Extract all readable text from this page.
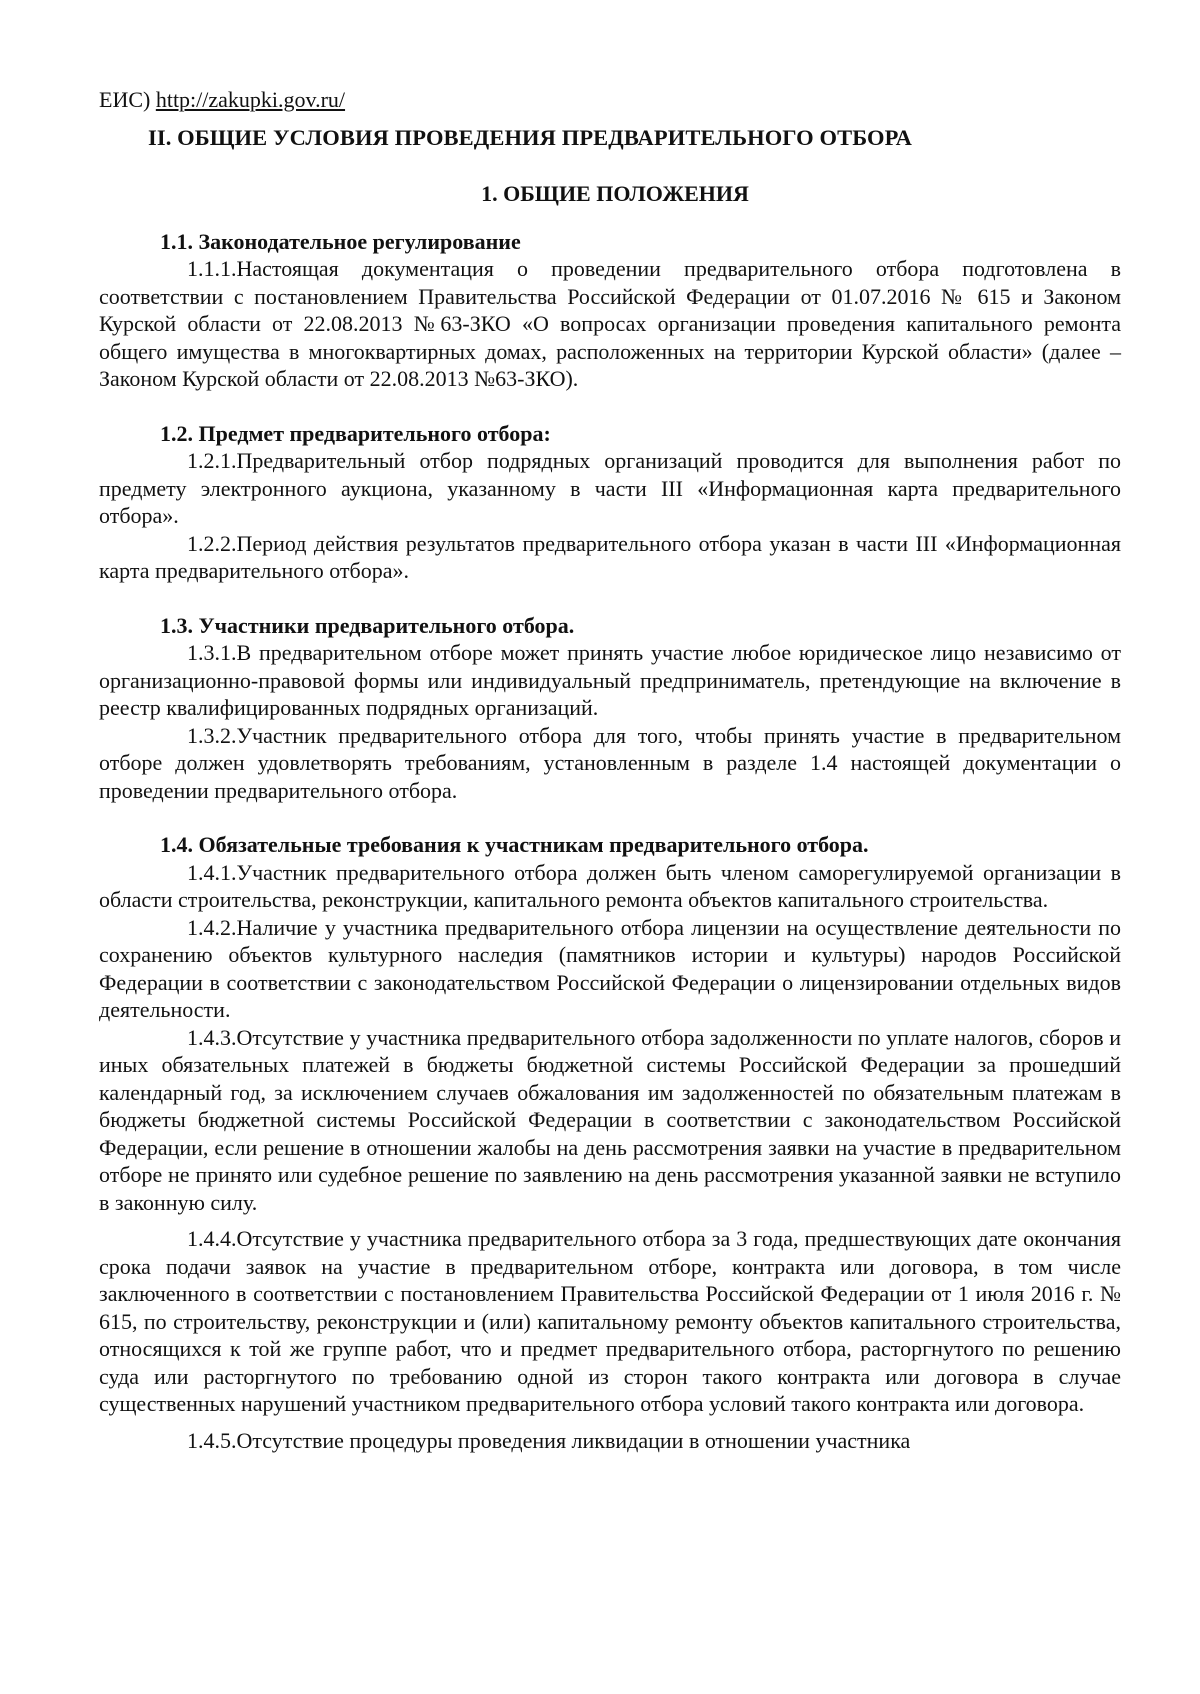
ЕИС) http://zakupki.gov.ru/

II. ОБЩИЕ УСЛОВИЯ ПРОВЕДЕНИЯ ПРЕДВАРИТЕЛЬНОГО ОТБОРА
1. ОБЩИЕ ПОЛОЖЕНИЯ
1.1. Законодательное регулирование

1.1.1.Настоящая документация о проведении предварительного отбора подготовлена в соответствии с постановлением Правительства Российской Федерации от 01.07.2016 № 615 и Законом Курской области от 22.08.2013 №63-ЗКО «О вопросах организации проведения капитального ремонта общего имущества в многоквартирных домах, расположенных на территории Курской области» (далее – Законом Курской области от 22.08.2013 №63-ЗКО).

1.2. Предмет предварительного отбора:

1.2.1.Предварительный отбор подрядных организаций проводится для выполнения работ по предмету электронного аукциона, указанному в части III «Информационная карта предварительного отбора».

1.2.2.Период действия результатов предварительного отбора указан в части III «Информационная карта предварительного отбора».

1.3. Участники предварительного отбора.

1.3.1.В предварительном отборе может принять участие любое юридическое лицо независимо от организационно-правовой формы или индивидуальный предприниматель, претендующие на включение в реестр квалифицированных подрядных организаций.

1.3.2.Участник предварительного отбора для того, чтобы принять участие в предварительном отборе должен удовлетворять требованиям, установленным в разделе 1.4 настоящей документации о проведении предварительного отбора.

1.4. Обязательные требования к участникам предварительного отбора.

1.4.1.Участник предварительного отбора должен быть членом саморегулируемой организации в области строительства, реконструкции, капитального ремонта объектов капитального строительства.

1.4.2.Наличие у участника предварительного отбора лицензии на осуществление деятельности по сохранению объектов культурного наследия (памятников истории и культуры) народов Российской Федерации в соответствии с законодательством Российской Федерации о лицензировании отдельных видов деятельности.

1.4.3.Отсутствие у участника предварительного отбора задолженности по уплате налогов, сборов и иных обязательных платежей в бюджеты бюджетной системы Российской Федерации за прошедший календарный год, за исключением случаев обжалования им задолженностей по обязательным платежам в бюджеты бюджетной системы Российской Федерации в соответствии с законодательством Российской Федерации, если решение в отношении жалобы на день рассмотрения заявки на участие в предварительном отборе не принято или судебное решение по заявлению на день рассмотрения указанной заявки не вступило в законную силу.

1.4.4.Отсутствие у участника предварительного отбора за 3 года, предшествующих дате окончания срока подачи заявок на участие в предварительном отборе, контракта или договора, в том числе заключенного в соответствии с постановлением Правительства Российской Федерации от 1 июля 2016 г. № 615, по строительству, реконструкции и (или) капитальному ремонту объектов капитального строительства, относящихся к той же группе работ, что и предмет предварительного отбора, расторгнутого по решению суда или расторгнутого по требованию одной из сторон такого контракта или договора в случае существенных нарушений участником предварительного отбора условий такого контракта или договора.

1.4.5.Отсутствие процедуры проведения ликвидации в отношении участника
